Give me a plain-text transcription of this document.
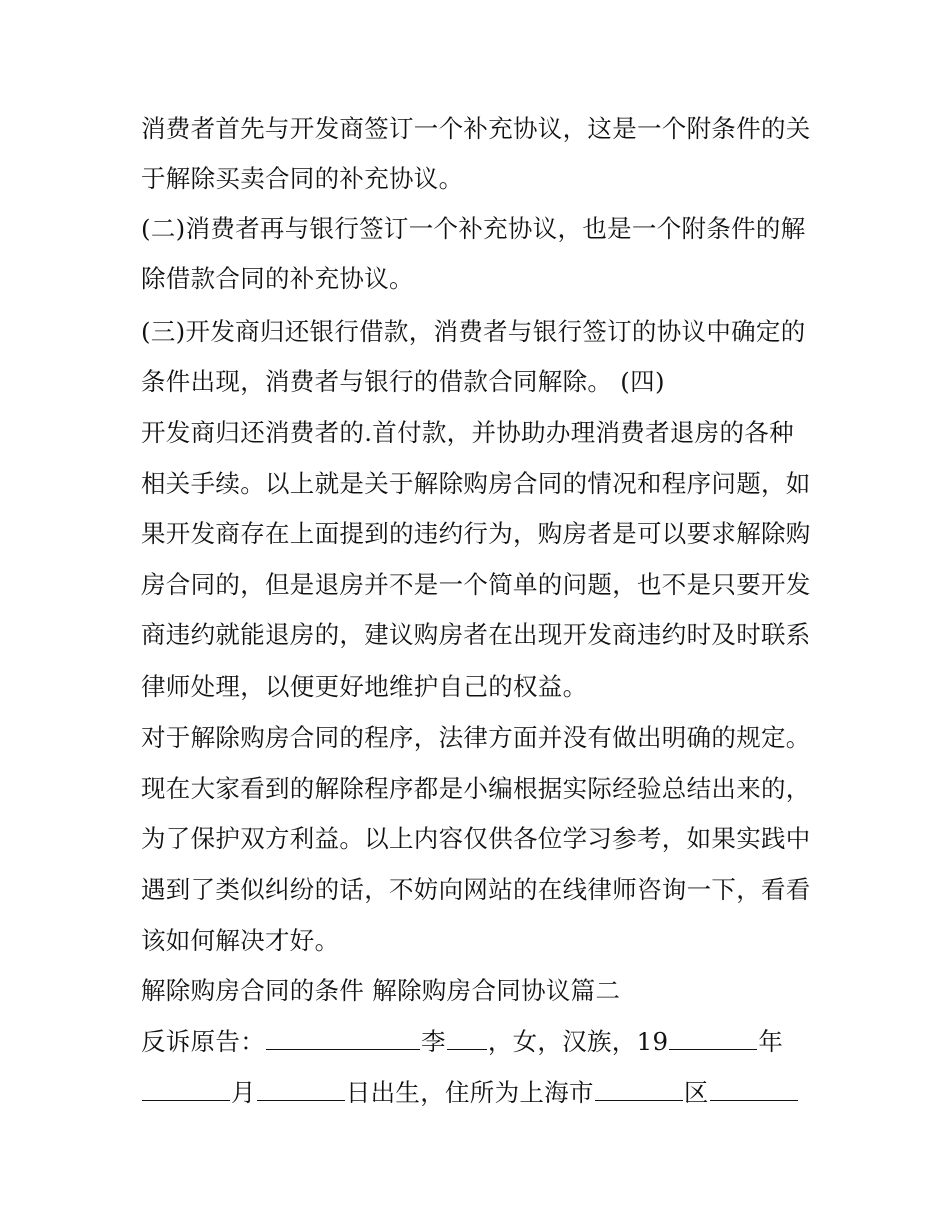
消费者首先与开发商签订一个补充协议，这是一个附条件的关
于解除买卖合同的补充协议。
(二)消费者再与银行签订一个补充协议，也是一个附条件的解
除借款合同的补充协议。
(三)开发商归还银行借款，消费者与银行签订的协议中确定的
条件出现，消费者与银行的借款合同解除。 (四)
开发商归还消费者的.首付款，并协助办理消费者退房的各种
相关手续。以上就是关于解除购房合同的情况和程序问题，如
果开发商存在上面提到的违约行为，购房者是可以要求解除购
房合同的，但是退房并不是一个简单的问题，也不是只要开发
商违约就能退房的，建议购房者在出现开发商违约时及时联系
律师处理，以便更好地维护自己的权益。
对于解除购房合同的程序，法律方面并没有做出明确的规定。
现在大家看到的解除程序都是小编根据实际经验总结出来的，
为了保护双方利益。以上内容仅供各位学习参考，如果实践中
遇到了类似纠纷的话，不妨向网站的在线律师咨询一下，看看
该如何解决才好。
解除购房合同的条件 解除购房合同协议篇二
反诉原告：	李 ，女，汉族，19	年
月	日出生，住所为上海市	区
